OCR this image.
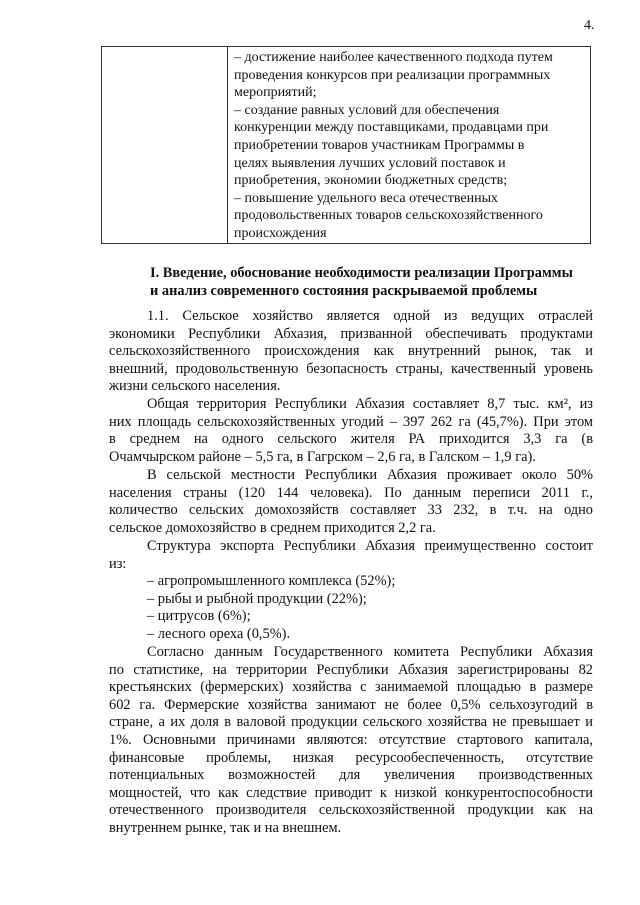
4.

– достижение наиболее качественного подхода путем
проведения конкурсов при реализации программных
мероприятий;
– создание равных условий для обеспечения
конкуренции между поставщиками, продавцами при
приобретении товаров участникам Программы в
целях выявления лучших условий поставок и
приобретения, экономии бюджетных средств;
– повышение удельного веса отечественных
продовольственных товаров сельскохозяйственного
происхождения
I. Введение, обоснование необходимости реализации Программы
и анализ современного состояния раскрываемой проблемы
1.1. Сельское хозяйство является одной из ведущих отраслей
экономики Республики Абхазия, призванной обеспечивать продуктами
сельскохозяйственного происхождения как внутренний рынок, так и
внешний, продовольственную безопасность страны, качественный уровень
жизни сельского населения.
Общая территория Республики Абхазия составляет 8,7 тыс. км², из
них площадь сельскохозяйственных угодий – 397 262 га (45,7%). При этом
в среднем на одного сельского жителя РА приходится 3,3 га (в
Очамчырском районе – 5,5 га, в Гагрском – 2,6 га, в Галском – 1,9 га).
В сельской местности Республики Абхазия проживает около 50%
населения страны (120 144 человека). По данным переписи 2011 г.,
количество сельских домохозяйств составляет 33 232, в т.ч. на одно
сельское домохозяйство в среднем приходится 2,2 га.
Структура экспорта Республики Абхазия преимущественно состоит
из:
– агропромышленного комплекса (52%);
– рыбы и рыбной продукции (22%);
– цитрусов (6%);
– лесного ореха (0,5%).
Согласно данным Государственного комитета Республики Абхазия
по статистике, на территории Республики Абхазия зарегистрированы 82
крестьянских (фермерских) хозяйства с занимаемой площадью в размере
602 га. Фермерские хозяйства занимают не более 0,5% сельхозугодий в
стране, а их доля в валовой продукции сельского хозяйства не превышает и
1%. Основными причинами являются: отсутствие стартового капитала,
финансовые проблемы, низкая ресурсообеспеченность, отсутствие
потенциальных возможностей для увеличения производственных
мощностей, что как следствие приводит к низкой конкурентоспособности
отечественного производителя сельскохозяйственной продукции как на
внутреннем рынке, так и на внешнем.
